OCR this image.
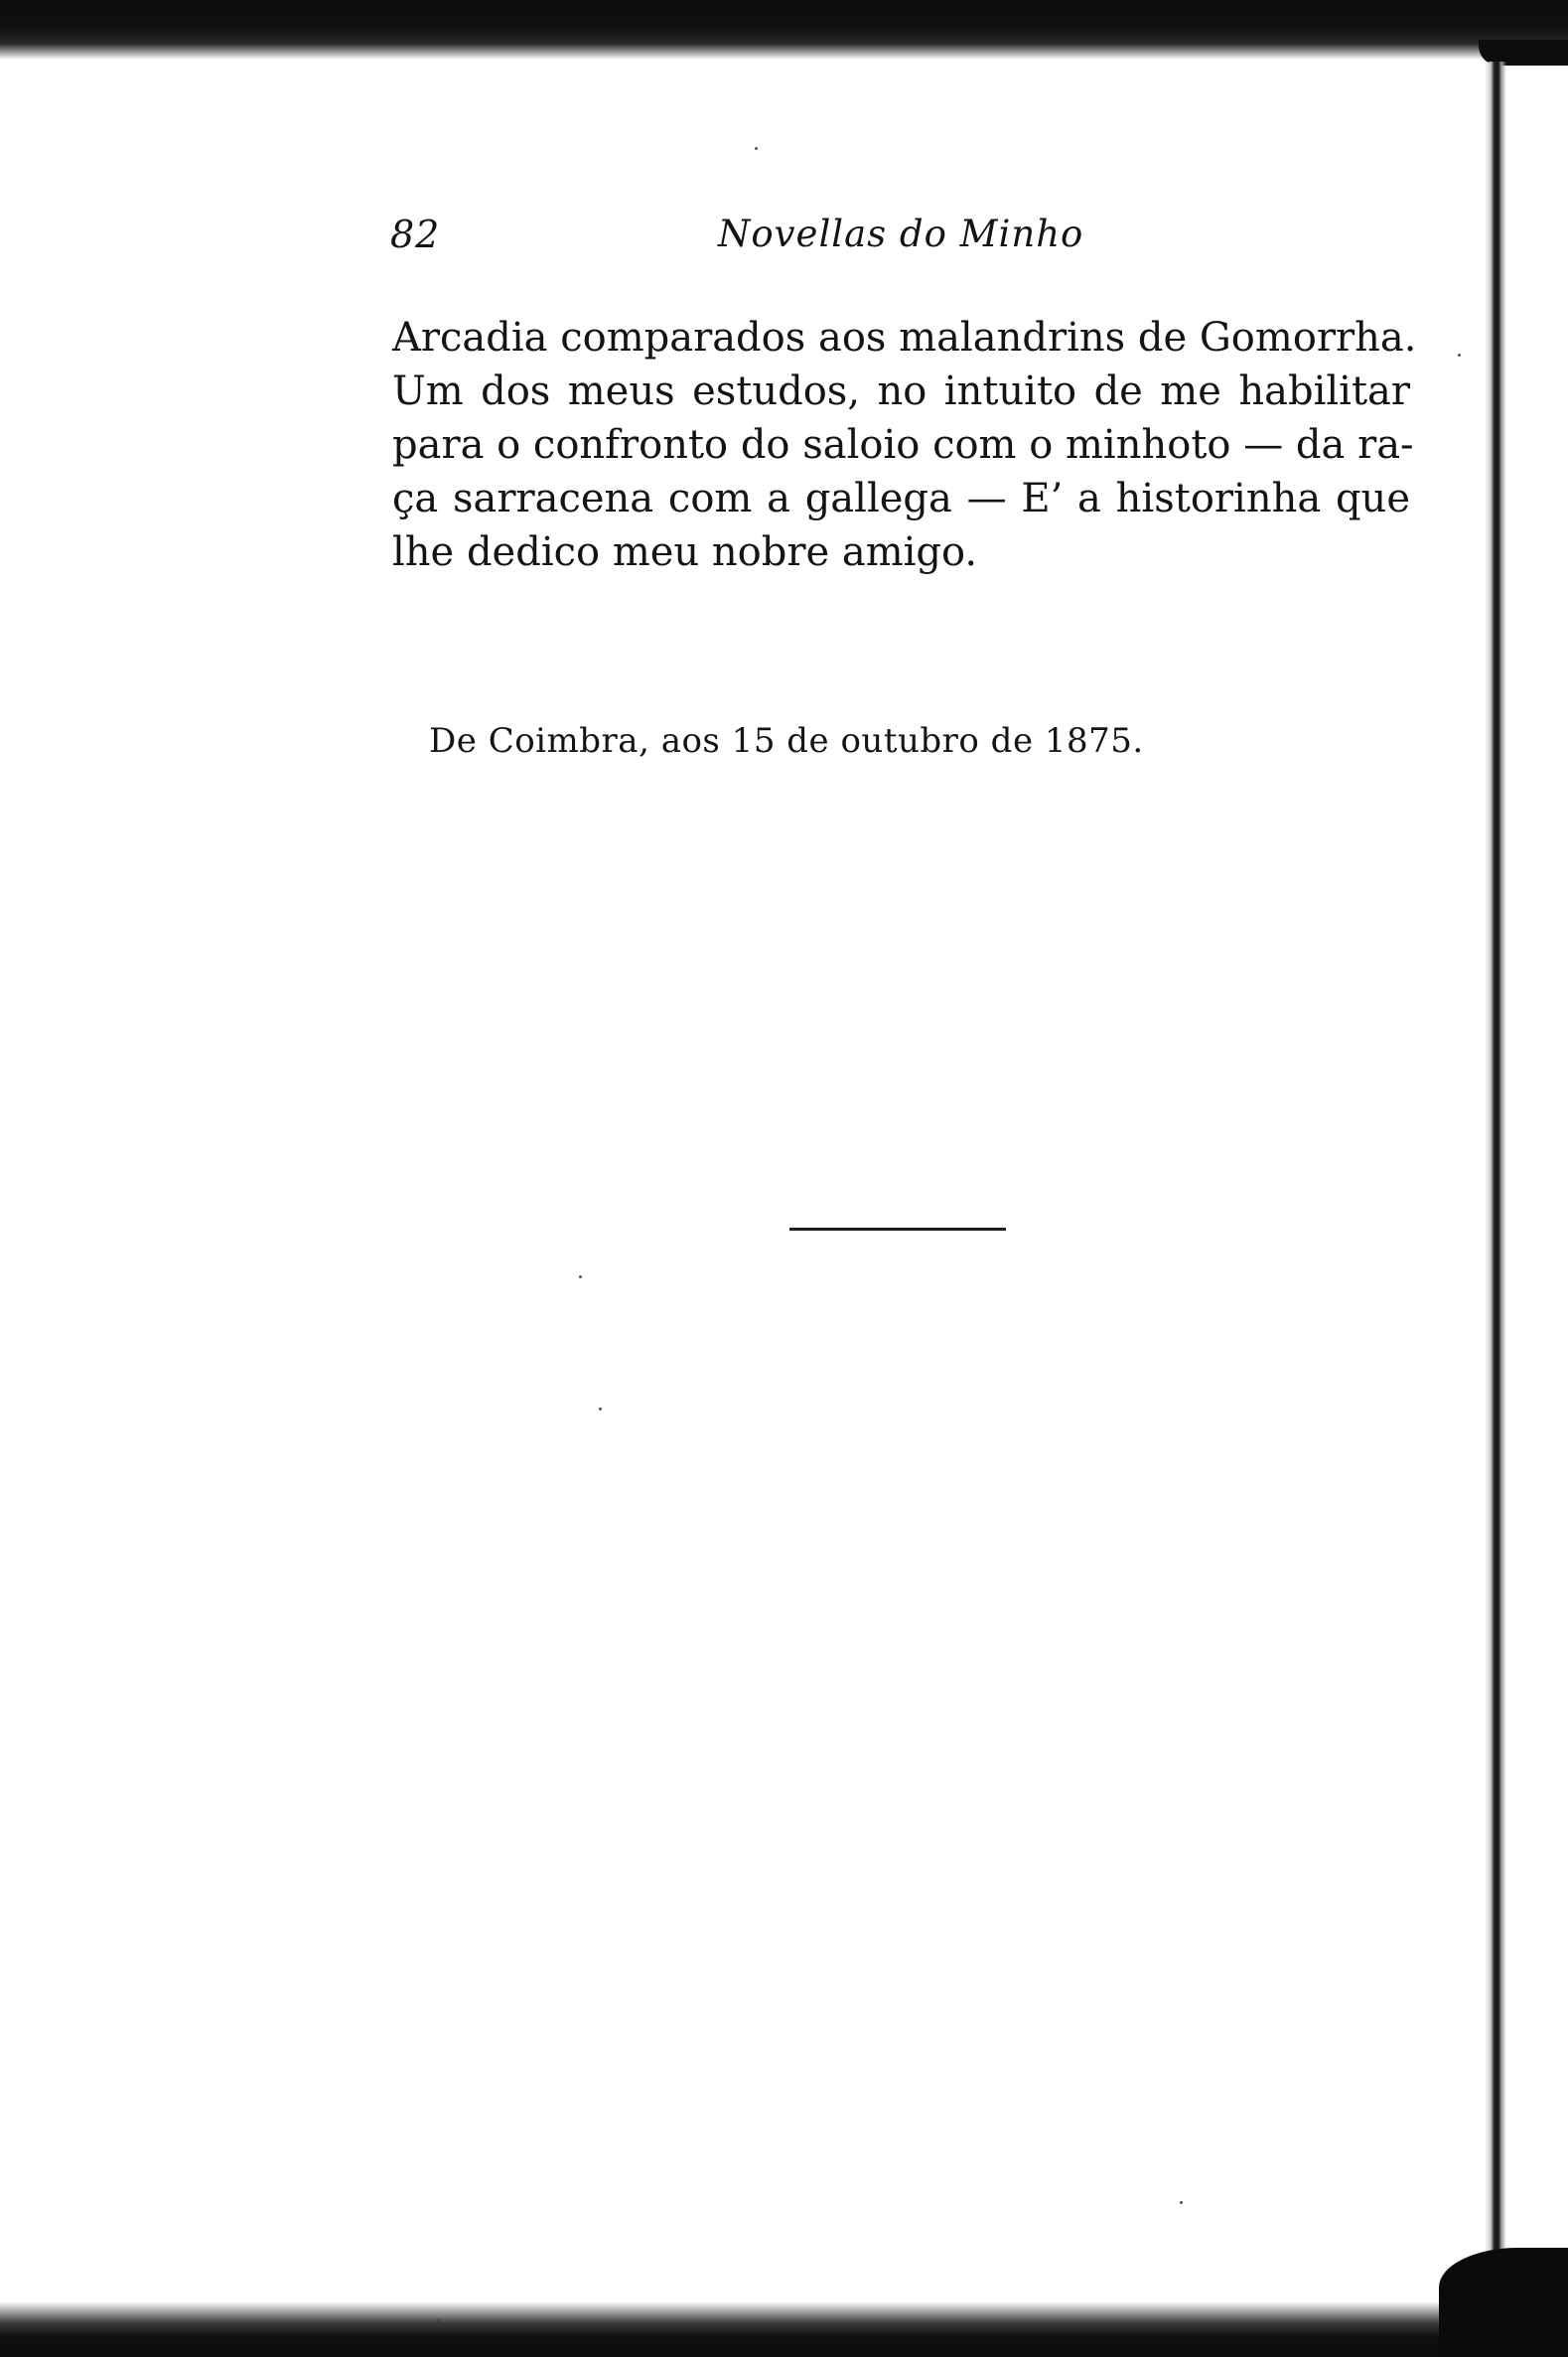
82	Novellas do Minho
Arcadia comparados aos malandrins de Gomorrha.
Um dos meus estudos, no intuito de me habilitar
para o confronto do saloio com o minhoto — da ra-
ça sarracena com a gallega — E’ a historinha que
lhe dedico meu nobre amigo.
De Coimbra, aos 15 de outubro de 1875.
